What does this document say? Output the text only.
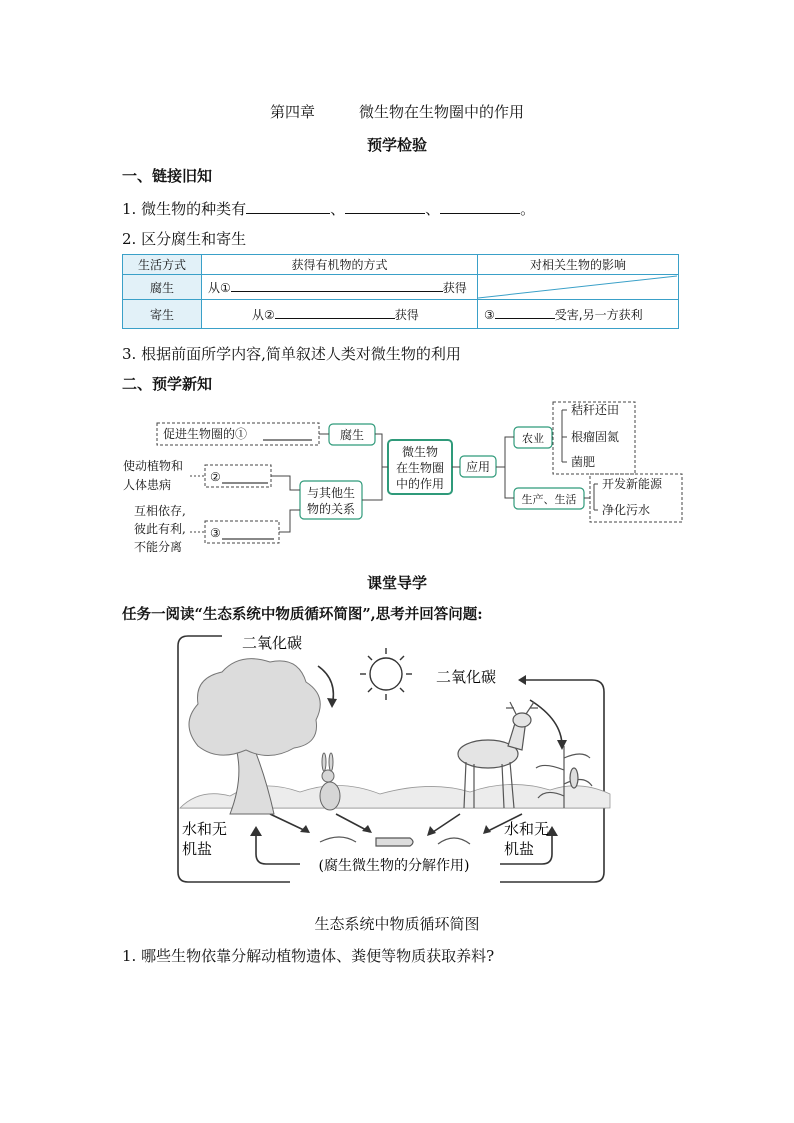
第四章	微生物在生物圈中的作用
预学检验
一、链接旧知
1. 微生物的种类有	、	、	。
2. 区分腐生和寄生
生活方式	获得有机物的方式	对相关生物的影响
腐生	从① 获得	

寄生	从② 获得	③ 受害,另一方获利
3. 根据前面所学内容,简单叙述人类对微生物的利用
二、预学新知
促进生物圈的①	腐生
使动植物和
人体患病
②
互相依存,
彼此有利,
不能分离
③
与其他生
物的关系
微生物
在生物圈
中的作用
应用
农业
生产、生活
秸秆还田
根瘤固氮
菌肥
开发新能源
净化污水
课堂导学
任务一阅读“生态系统中物质循环简图”,思考并回答问题:
二氧化碳
二氧化碳
水和无
机盐
水和无
机盐
(腐生微生物的分解作用)
生态系统中物质循环简图
1. 哪些生物依靠分解动植物遗体、粪便等物质获取养料?
